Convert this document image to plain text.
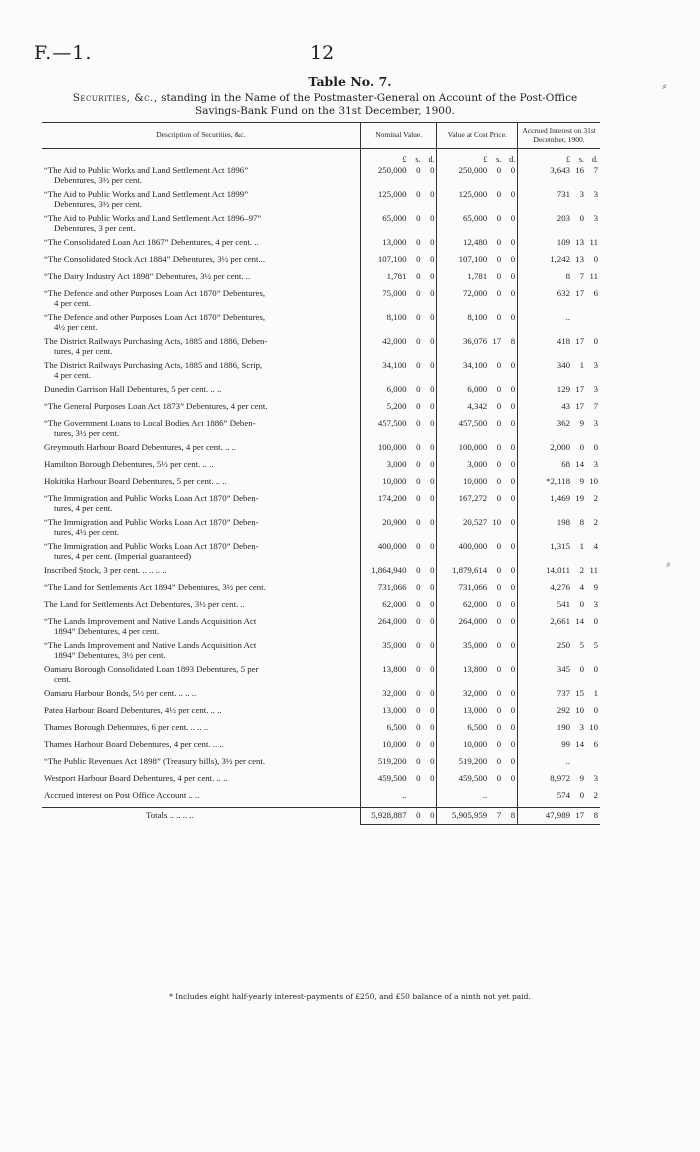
F.—1.	12
Table No. 7.
Securities, &c., standing in the Name of the Postmaster-General on Account of the Post-Office Savings-Bank Fund on the 31st December, 1900.
Description of Securities, &c.	Nominal Value.	Value at Cost Price.	Accrued Interest on 31st December, 1900.

	£ s. d.	£ s. d.	£ s. d.

“The Aid to Public Works and Land Settlement Act 1896”
Debentures, 3½ per cent.	250,000 0 0	250,000 0 0	3,643 16 7

“The Aid to Public Works and Land Settlement Act 1899”
Debentures, 3½ per cent.	125,000 0 0	125,000 0 0	731 3 3

“The Aid to Public Works and Land Settlement Act 1896–97”
Debentures, 3 per cent.	65,000 0 0	65,000 0 0	203 0 3

“The Consolidated Loan Act 1867” Debentures, 4 per cent. ..	13,000 0 0	12,480 0 0	109 13 11

“The Consolidated Stock Act 1884” Debentures, 3½ per cent...	107,100 0 0	107,100 0 0	1,242 13 0

“The Dairy Industry Act 1898” Debentures, 3½ per cent. ..	1,781 0 0	1,781 0 0	8 7 11

“The Defence and other Purposes Loan Act 1870” Debentures,
4 per cent.	75,000 0 0	72,000 0 0	632 17 6

“The Defence and other Purposes Loan Act 1870” Debentures,
4½ per cent.	8,100 0 0	8,100 0 0	..

The District Railways Purchasing Acts, 1885 and 1886, Deben-
tures, 4 per cent.	42,000 0 0	36,076 17 8	418 17 0

The District Railways Purchasing Acts, 1885 and 1886, Scrip,
4 per cent.	34,100 0 0	34,100 0 0	340 1 3

Dunedin Garrison Hall Debentures, 5 per cent. .. ..	6,000 0 0	6,000 0 0	129 17 3

“The General Purposes Loan Act 1873” Debentures, 4 per cent.	5,200 0 0	4,342 0 0	43 17 7

“The Government Loans to Local Bodies Act 1886” Deben-
tures, 3½ per cent.	457,500 0 0	457,500 0 0	362 9 3

Greymouth Harbour Board Debentures, 4 per cent. .. ..	100,000 0 0	100,000 0 0	2,000 0 0

Hamilton Borough Debentures, 5½ per cent. .. ..	3,000 0 0	3,000 0 0	68 14 3

Hokitika Harbour Board Debentures, 5 per cent. .. ..	10,000 0 0	10,000 0 0	*2,118 9 10

“The Immigration and Public Works Loan Act 1870” Deben-
tures, 4 per cent.	174,200 0 0	167,272 0 0	1,469 19 2

“The Immigration and Public Works Loan Act 1870” Deben-
tures, 4½ per cent.	20,900 0 0	20,527 10 0	198 8 2

“The Immigration and Public Works Loan Act 1870” Deben-
tures, 4 per cent. (Imperial guaranteed)	400,000 0 0	400,000 0 0	1,315 1 4

Inscribed Stock, 3 per cent. .. .. .. ..	1,864,940 0 0	1,879,614 0 0	14,011 2 11

“The Land for Settlements Act 1894” Debentures, 3½ per cent.	731,066 0 0	731,066 0 0	4,276 4 9

The Land for Settlements Act Debentures, 3½ per cent. ..	62,000 0 0	62,000 0 0	541 0 3

“The Lands Improvement and Native Lands Acquisition Act
1894” Debentures, 4 per cent.	264,000 0 0	264,000 0 0	2,661 14 0

“The Lands Improvement and Native Lands Acquisition Act
1894” Debentures, 3½ per cent.	35,000 0 0	35,000 0 0	250 5 5

Oamaru Borough Consolidated Loan 1893 Debentures, 5 per
cent.	13,800 0 0	13,800 0 0	345 0 0

Oamaru Harbour Bonds, 5½ per cent. .. .. ..	32,000 0 0	32,000 0 0	737 15 1

Patea Harbour Board Debentures, 4½ per cent. .. ..	13,000 0 0	13,000 0 0	292 10 0

Thames Borough Debentures, 6 per cent. .. .. ..	6,500 0 0	6,500 0 0	190 3 10

Thames Harbour Board Debentures, 4 per cent. .. ..	10,000 0 0	10,000 0 0	99 14 6

“The Public Revenues Act 1898” (Treasury bills), 3½ per cent.	519,200 0 0	519,200 0 0	..

Westport Harbour Board Debentures, 4 per cent. .. ..	459,500 0 0	459,500 0 0	8,972 9 3

Accrued interest on Post Office Account .. ..	..	..	574 0 2

Totals .. .. .. ..	5,928,887 0 0	5,905,959 7 8	47,989 17 8
* Includes eight half-yearly interest-payments of £250, and £50 balance of a ninth not yet paid.
⸗
⸗
